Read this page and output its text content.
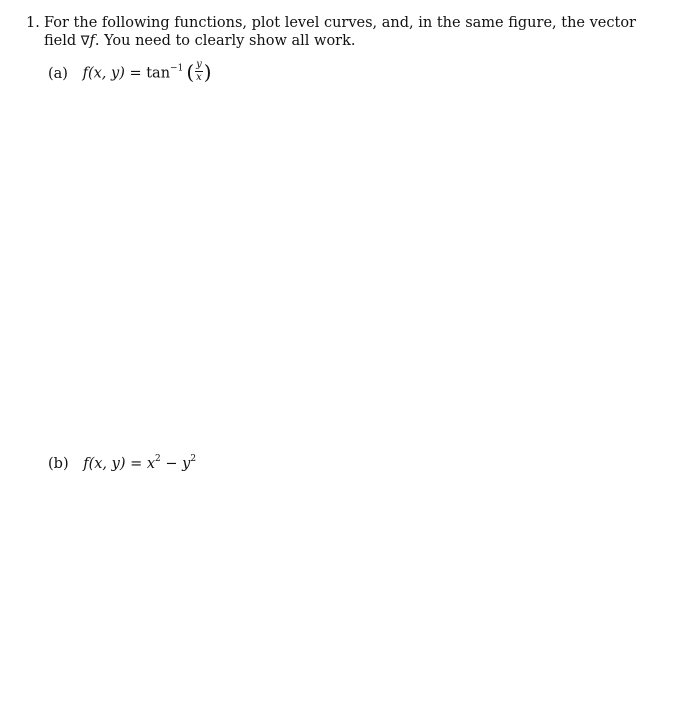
1. For the following functions, plot level curves, and, in the same figure, the vector field ∇f. You need to clearly show all work.
(a) f(x, $y) = \tan^{-1}$ ( $\frac{y}{x}$ )
(b) f(x, $y) = x^2 - y^2$
